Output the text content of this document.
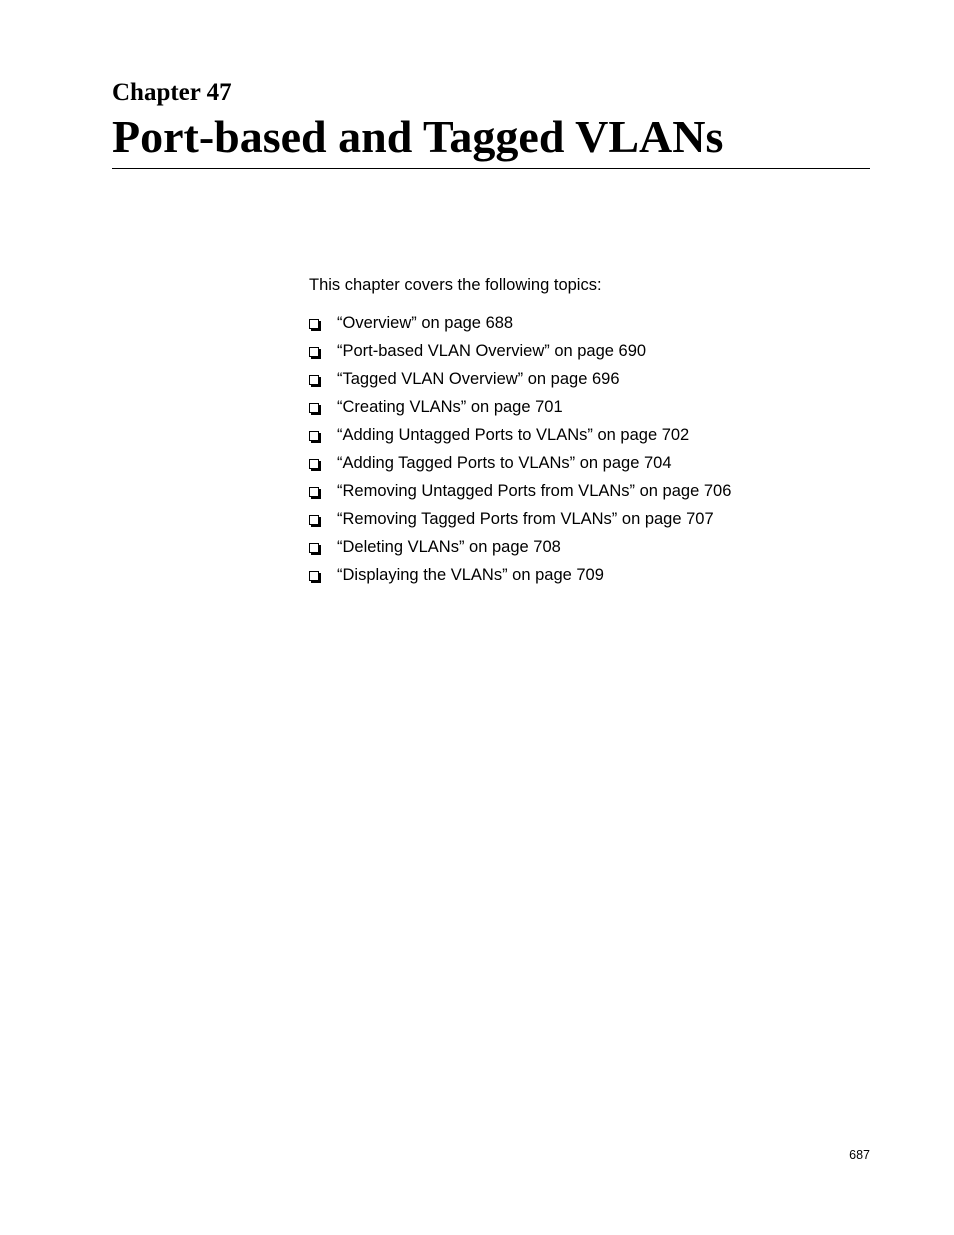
Chapter 47
Port-based and Tagged VLANs

This chapter covers the following topics:

“Overview” on page 688
“Port-based VLAN Overview” on page 690
“Tagged VLAN Overview” on page 696
“Creating VLANs” on page 701
“Adding Untagged Ports to VLANs” on page 702
“Adding Tagged Ports to VLANs” on page 704
“Removing Untagged Ports from VLANs” on page 706
“Removing Tagged Ports from VLANs” on page 707
“Deleting VLANs” on page 708
“Displaying the VLANs” on page 709

687
